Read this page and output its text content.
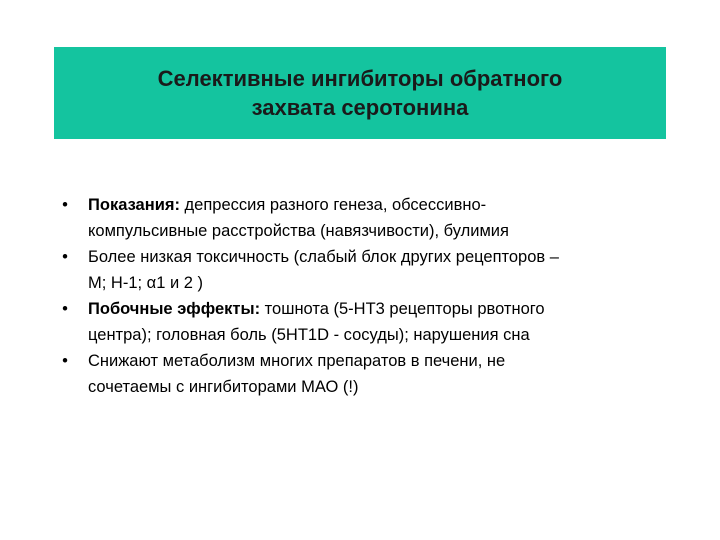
Селективные ингибиторы обратного
захвата серотонина
• Показания: депрессия разного генеза, обсессивно-
компульсивные расстройства (навязчивости), булимия
• Более низкая токсичность (слабый блок других рецепторов –
М; Н-1; α1 и 2 )
• Побочные эффекты: тошнота (5-НТ3 рецепторы рвотного
центра); головная боль (5НТ1D - сосуды); нарушения сна
• Снижают метаболизм многих препаратов в печени, не
сочетаемы с ингибиторами МАО (!)
